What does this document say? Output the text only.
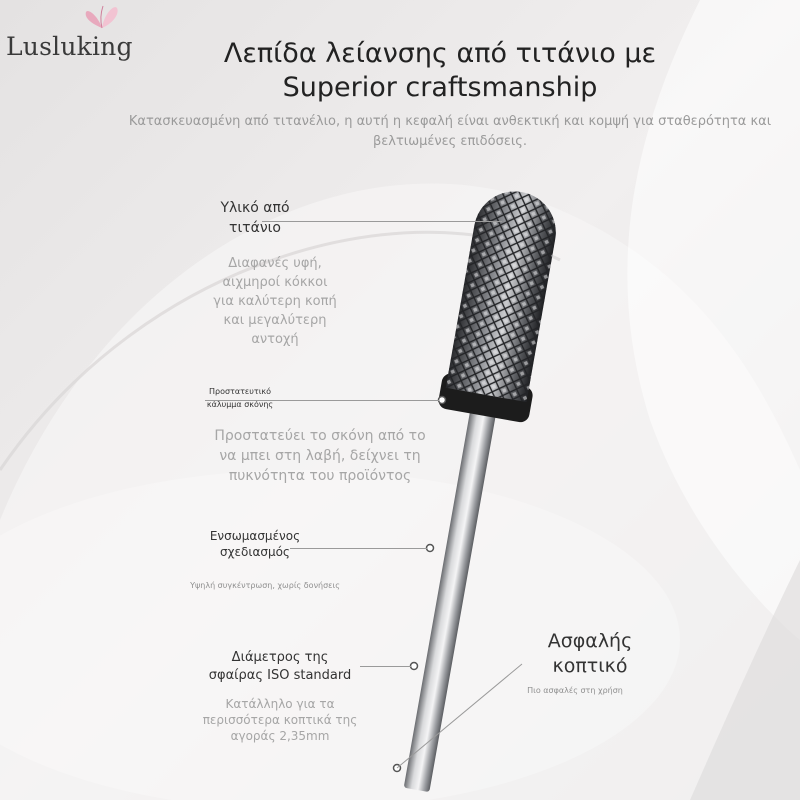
Lusluking	Λεπίδα λείανσης από τιτάνιο με
Superior craftsmanship
Κατασκευασμένη από τιτανέλιο, η αυτή η κεφαλή είναι ανθεκτική και κομψή για σταθερότητα και
βελτιωμένες επιδόσεις.
Υλικό από
τιτάνιο
Διαφανές υφή,
αιχμηροί κόκκοι
για καλύτερη κοπή
και μεγαλύτερη
αντοχή
Προστατευτικό
κάλυμμα σκόνης
Προστατεύει το σκόνη από το
να μπει στη λαβή, δείχνει τη
πυκνότητα του προϊόντος
Ενσωμασμένος
σχεδιασμός
Υψηλή συγκέντρωση, χωρίς δονήσεις
Διάμετρος της
σφαίρας ISO standard
Κατάλληλο για τα
περισσότερα κοπτικά της
αγοράς 2,35mm
Ασφαλής
κοπτικό
Πιο ασφαλές στη χρήση
